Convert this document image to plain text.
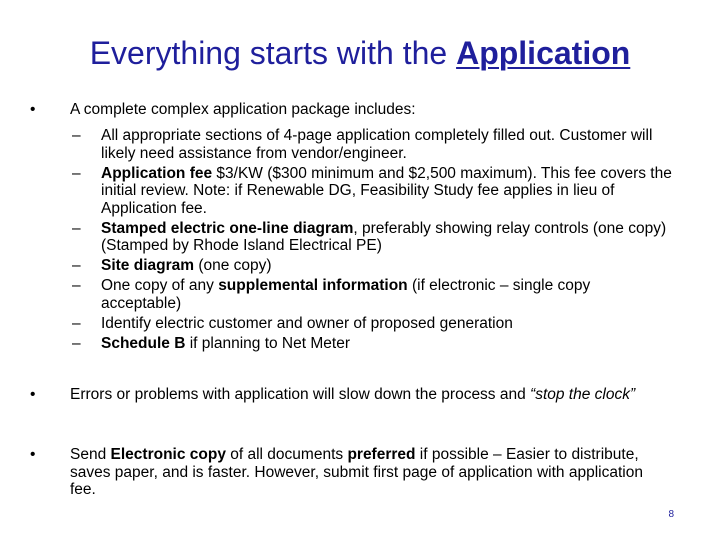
Everything starts with the Application
• A complete complex application package includes:
– All appropriate sections of 4-page application completely filled out. Customer will likely need assistance from vendor/engineer.
– Application fee $3/KW ($300 minimum and $2,500 maximum). This fee covers the initial review. Note: if Renewable DG, Feasibility Study fee applies in lieu of Application fee.
– Stamped electric one-line diagram, preferably showing relay controls (one copy) (Stamped by Rhode Island Electrical PE)
– Site diagram (one copy)
– One copy of any supplemental information (if electronic – single copy acceptable)
– Identify electric customer and owner of proposed generation
– Schedule B if planning to Net Meter
• Errors or problems with application will slow down the process and “stop the clock”
• Send Electronic copy of all documents preferred if possible – Easier to distribute, saves paper, and is faster. However, submit first page of application with application fee.
8
